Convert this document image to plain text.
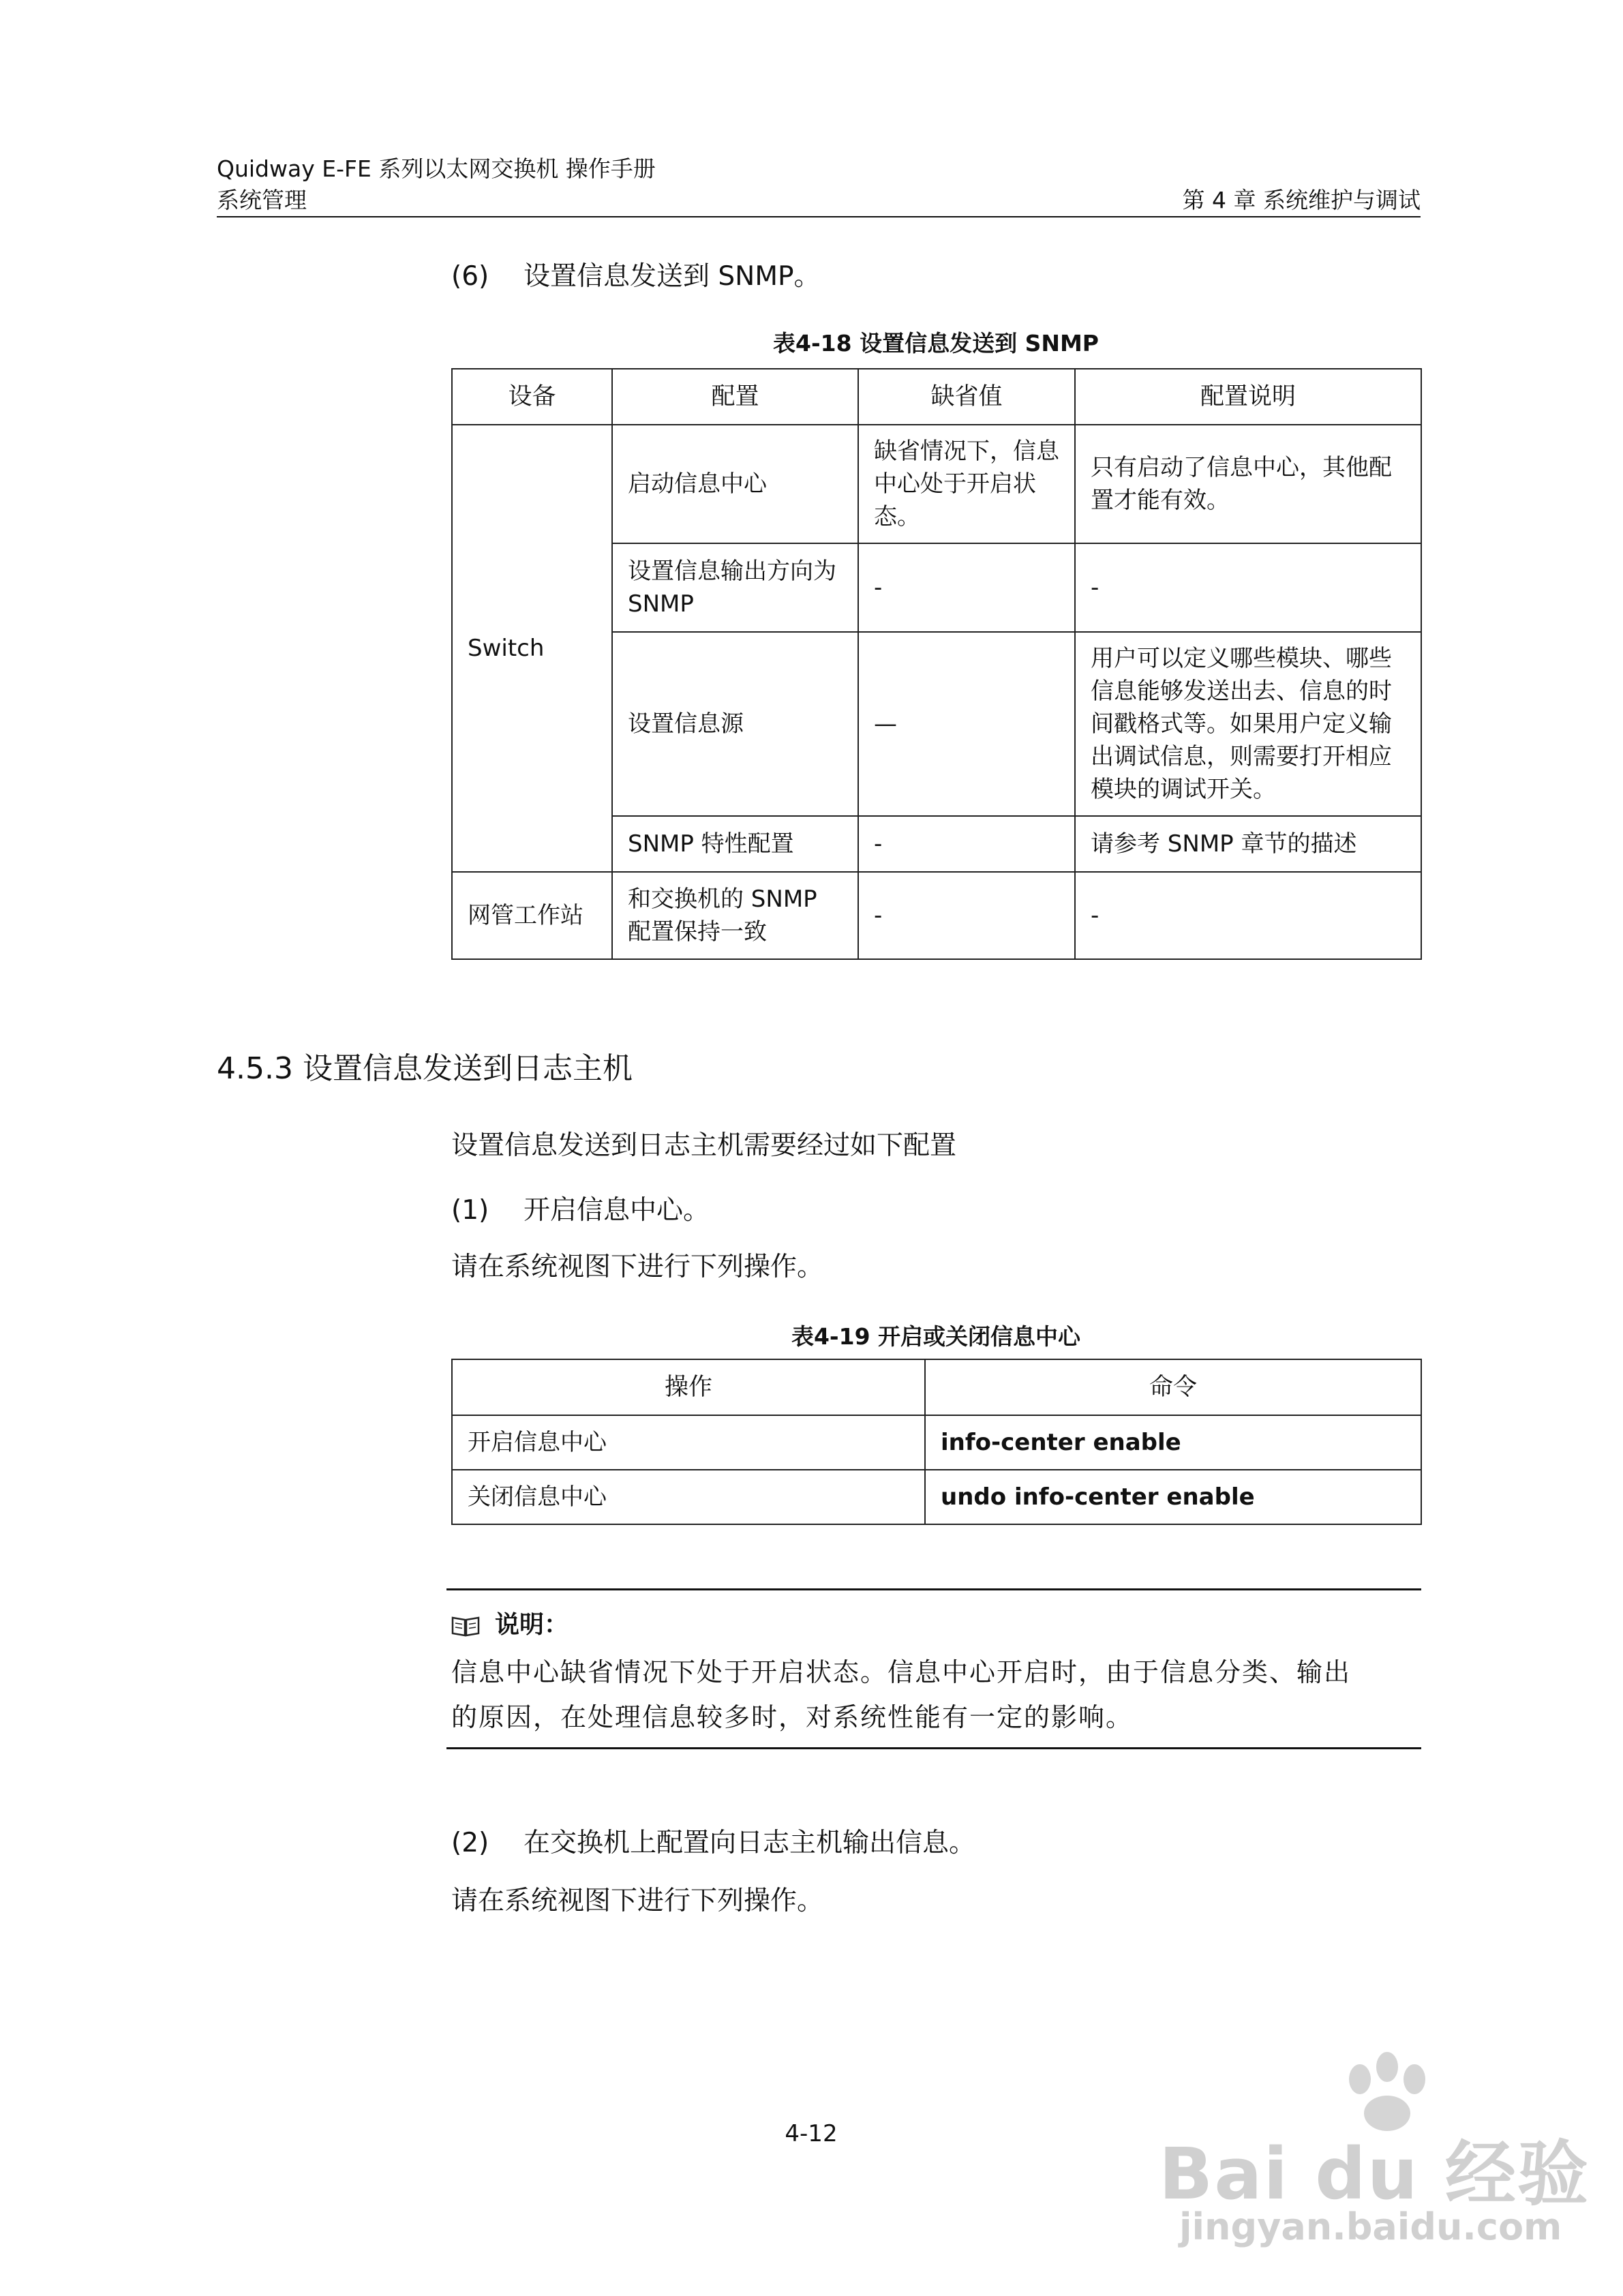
Quidway E-FE 系列以太网交换机 操作手册
系统管理	第 4 章 系统维护与调试
(6) 设置信息发送到 SNMP。
表4-18 设置信息发送到 SNMP
设备	配置	缺省值	配置说明
Switch	启动信息中心	缺省情况下，信息中心处于开启状态。	只有启动了信息中心，其他配置才能有效。
	设置信息输出方向为 SNMP	-	-
	设置信息源	—	用户可以定义哪些模块、哪些信息能够发送出去、信息的时间戳格式等。如果用户定义输出调试信息，则需要打开相应模块的调试开关。
	SNMP 特性配置	-	请参考 SNMP 章节的描述
网管工作站	和交换机的 SNMP 配置保持一致	-	-
4.5.3 设置信息发送到日志主机
设置信息发送到日志主机需要经过如下配置
(1) 开启信息中心。
请在系统视图下进行下列操作。
表4-19 开启或关闭信息中心
操作	命令
开启信息中心	info-center enable
关闭信息中心	undo info-center enable
说明：
信息中心缺省情况下处于开启状态。信息中心开启时，由于信息分类、输出
的原因，在处理信息较多时，对系统性能有一定的影响。
(2) 在交换机上配置向日志主机输出信息。
请在系统视图下进行下列操作。
4-12	Bai du 经验
jingyan.baidu.com
